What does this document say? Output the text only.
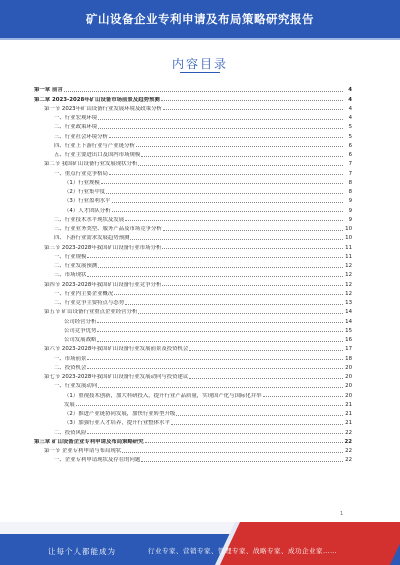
矿山设备企业专利申请及布局策略研究报告
内容目录
第一章 前言	4
第二章 2023-2028年矿山设备市场前景及趋势预测	4
第一节 2023年矿山设备行业发展环境及政策分析	4
一、行业宏观环境	4
二、行业政策环境	5
三、行业社会环境分析	5
四、行业上下游行业与产业链分析	6
五、行业主要进出口及国内市场规模	6
第二节 我国矿山设备行业发展现状分析	7
一、重点行业竞争格局	7
（1）行业规模	8
（2）行业集中度	8
（3）行业盈利水平	9
（4）人才团队分析	9
二、行业技术水平现状及发展	9
三、行业业务类型、服务产品及市场竞争分析	10
四、下游行业需求发展趋势预测	10
第三节 2023-2028年我国矿山设备行业市场分析	11
一、行业规模	11
二、行业发展预测	12
三、市场现状	12
第四节 2023-2028年我国矿山设备行业竞争分析	12
一、行业内主要企业概况	12
二、行业竞争主要特点与态势	13
第五节 矿山设备行业重点企业经营分析	14
公司经营分析	14
公司竞争优势	15
公司发展战略	16
第六节 2023-2028年我国矿山设备行业发展前景及投资机会	17
一、市场前景	18
二、投资机会	20
第七节 2023-2028年我国矿山设备行业发展动向与投资建议	20
一、行业发展动向	20
（1）重视技术创新，加大科研投入，提升行业产品质量，实现国产化与国际化并举	20
发展	21
（2）推进产业链协同发展，加快行业转型升级	21
（3）加强行业人才培养，提升行业整体水平	21
二、投资风险	22
第三章 矿山设备企业专利申请及布局策略研究	22
第一节 企业专利申请与布局现状	22
一、企业专利申请现状及存在的问题	22
1
让每个人都能成为	行业专家、营销专家、管理专家、战略专家、成功企业家……
